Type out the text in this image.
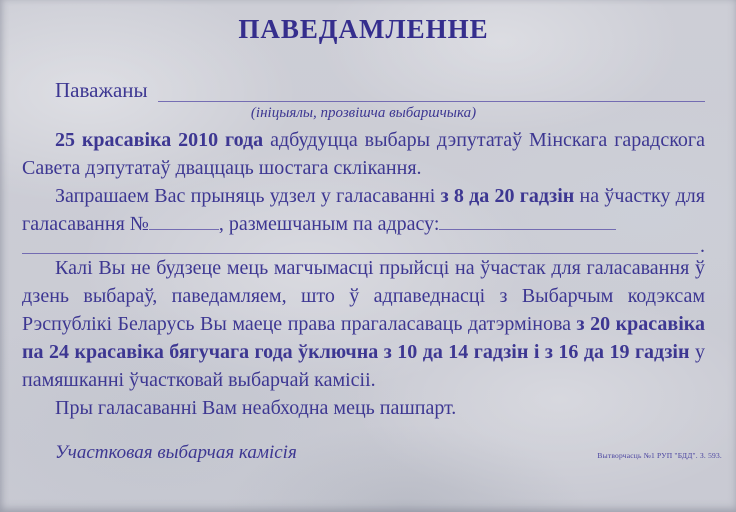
ПАВЕДАМЛЕННЕ
Паважаны
(ініцыялы, прозвішча выбаршчыка)

25 красавіка 2010 года адбудуцца выбары дэпутатаў Мінскага гарадскога Савета дэпутатаў дваццаць шостага склікання.

Запрашаем Вас прыняць удзел у галасаванні з 8 да 20 гадзін на ўчастку для галасавання №	, размешчаным па адрасу:

.

Калі Вы не будзеце мець магчымасці прыйсці на ўчастак для галасавання ў дзень выбараў, паведамляем, што ў адпаведнасці з Выбарчым кодэксам Рэспублікі Беларусь Вы маеце права прагаласаваць датэрмінова з 20 красавіка па 24 красавіка бягучага года ўключна з 10 да 14 гадзін і з 16 да 19 гадзін у памяшканні ўчастковай выбарчай камісіі.

Пры галасаванні Вам неабходна мець пашпарт.

Участковая выбарчая камісія	Вытворчасць №1 РУП "БДД". З. 593.
